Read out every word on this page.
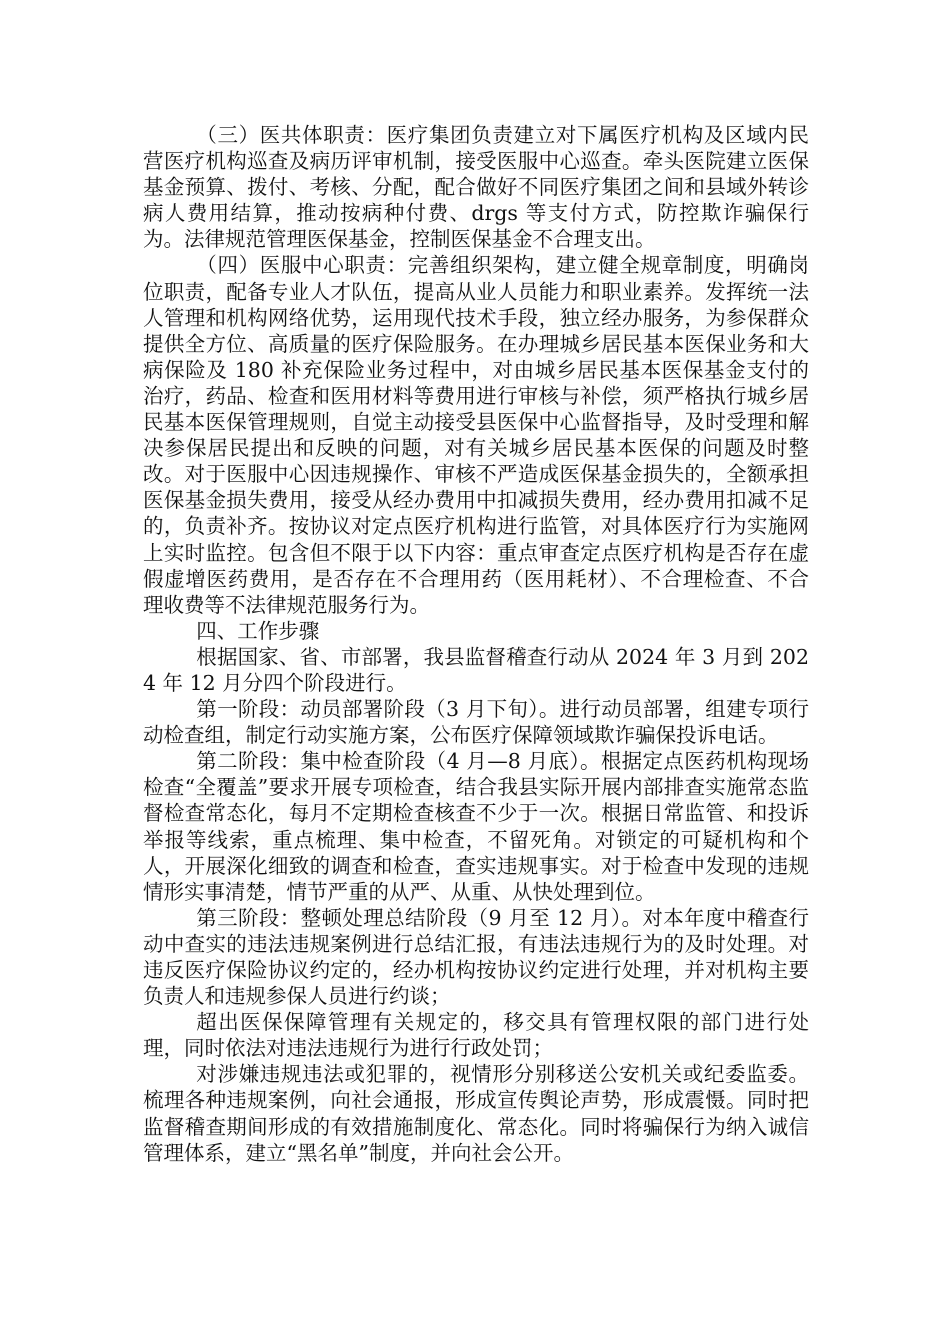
（三）医共体职责：医疗集团负责建立对下属医疗机构及区域内民营医疗机构巡查及病历评审机制，接受医服中心巡查。牵头医院建立医保基金预算、拨付、考核、分配，配合做好不同医疗集团之间和县域外转诊病人费用结算，推动按病种付费、drgs 等支付方式，防控欺诈骗保行为。法律规范管理医保基金，控制医保基金不合理支出。

（四）医服中心职责：完善组织架构，建立健全规章制度，明确岗位职责，配备专业人才队伍，提高从业人员能力和职业素养。发挥统一法人管理和机构网络优势，运用现代技术手段，独立经办服务，为参保群众提供全方位、高质量的医疗保险服务。在办理城乡居民基本医保业务和大病保险及 180 补充保险业务过程中，对由城乡居民基本医保基金支付的治疗，药品、检查和医用材料等费用进行审核与补偿，须严格执行城乡居民基本医保管理规则，自觉主动接受县医保中心监督指导，及时受理和解决参保居民提出和反映的问题，对有关城乡居民基本医保的问题及时整改。对于医服中心因违规操作、审核不严造成医保基金损失的，全额承担医保基金损失费用，接受从经办费用中扣减损失费用，经办费用扣减不足的，负责补齐。按协议对定点医疗机构进行监管，对具体医疗行为实施网上实时监控。包含但不限于以下内容：重点审查定点医疗机构是否存在虚假虚增医药费用，是否存在不合理用药（医用耗材）、不合理检查、不合理收费等不法律规范服务行为。

四、工作步骤

根据国家、省、市部署，我县监督稽查行动从 2024 年 3 月到 2024 年 12 月分四个阶段进行。

第一阶段：动员部署阶段（3 月下旬）。进行动员部署，组建专项行动检查组，制定行动实施方案，公布医疗保障领域欺诈骗保投诉电话。

第二阶段：集中检查阶段（4 月—8 月底）。根据定点医药机构现场检查“全覆盖”要求开展专项检查，结合我县实际开展内部排查实施常态监督检查常态化，每月不定期检查核查不少于一次。根据日常监管、和投诉举报等线索，重点梳理、集中检查，不留死角。对锁定的可疑机构和个人，开展深化细致的调查和检查，查实违规事实。对于检查中发现的违规情形实事清楚，情节严重的从严、从重、从快处理到位。

第三阶段：整顿处理总结阶段（9 月至 12 月）。对本年度中稽查行动中查实的违法违规案例进行总结汇报，有违法违规行为的及时处理。对违反医疗保险协议约定的，经办机构按协议约定进行处理，并对机构主要负责人和违规参保人员进行约谈；

超出医保保障管理有关规定的，移交具有管理权限的部门进行处理，同时依法对违法违规行为进行行政处罚；

对涉嫌违规违法或犯罪的，视情形分别移送公安机关或纪委监委。梳理各种违规案例，向社会通报，形成宣传舆论声势，形成震慑。同时把监督稽查期间形成的有效措施制度化、常态化。同时将骗保行为纳入诚信管理体系，建立“黑名单”制度，并向社会公开。
